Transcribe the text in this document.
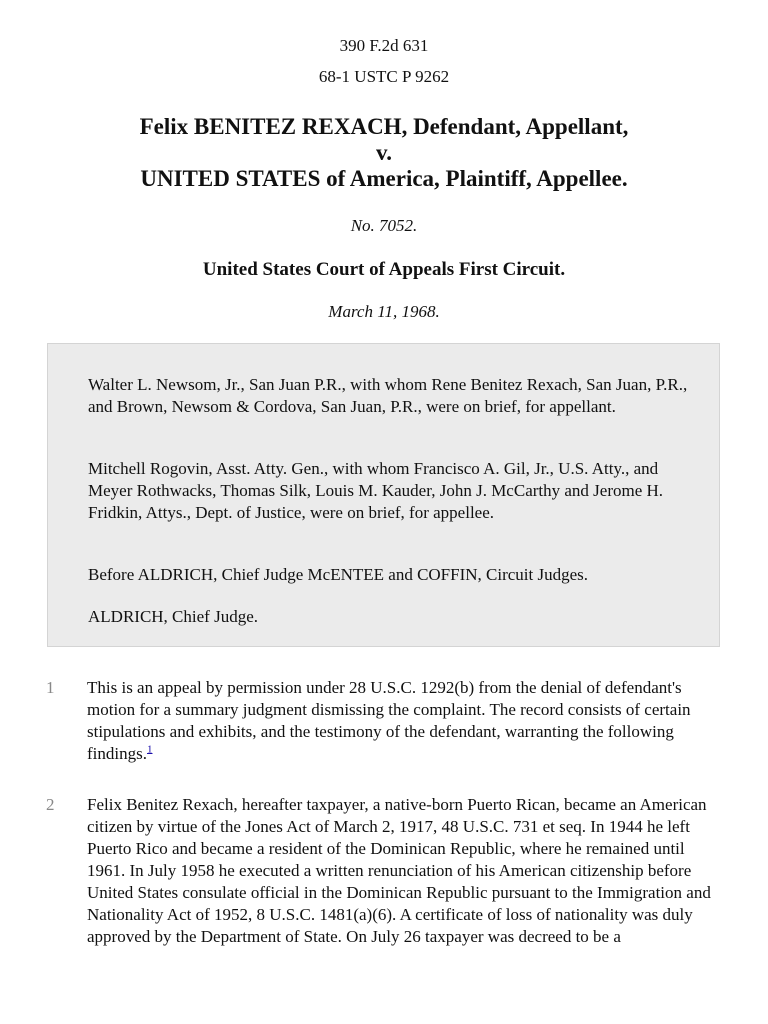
390 F.2d 631
68-1 USTC P 9262
Felix BENITEZ REXACH, Defendant, Appellant,
v.
UNITED STATES of America, Plaintiff, Appellee.
No. 7052.
United States Court of Appeals First Circuit.
March 11, 1968.

Walter L. Newsom, Jr., San Juan P.R., with whom Rene Benitez Rexach, San Juan, P.R., and Brown, Newsom & Cordova, San Juan, P.R., were on brief, for appellant.

Mitchell Rogovin, Asst. Atty. Gen., with whom Francisco A. Gil, Jr., U.S. Atty., and Meyer Rothwacks, Thomas Silk, Louis M. Kauder, John J. McCarthy and Jerome H. Fridkin, Attys., Dept. of Justice, were on brief, for appellee.

Before ALDRICH, Chief Judge McENTEE and COFFIN, Circuit Judges.

ALDRICH, Chief Judge.

1 This is an appeal by permission under 28 U.S.C. 1292(b) from the denial of defendant's motion for a summary judgment dismissing the complaint. The record consists of certain stipulations and exhibits, and the testimony of the defendant, warranting the following findings.$^1$

2 Felix Benitez Rexach, hereafter taxpayer, a native-born Puerto Rican, became an American citizen by virtue of the Jones Act of March 2, 1917, 48 U.S.C. 731 et seq. In 1944 he left Puerto Rico and became a resident of the Dominican Republic, where he remained until 1961. In July 1958 he executed a written renunciation of his American citizenship before United States consulate official in the Dominican Republic pursuant to the Immigration and Nationality Act of 1952, 8 U.S.C. 1481(a)(6). A certificate of loss of nationality was duly approved by the Department of State. On July 26 taxpayer was decreed to be a
